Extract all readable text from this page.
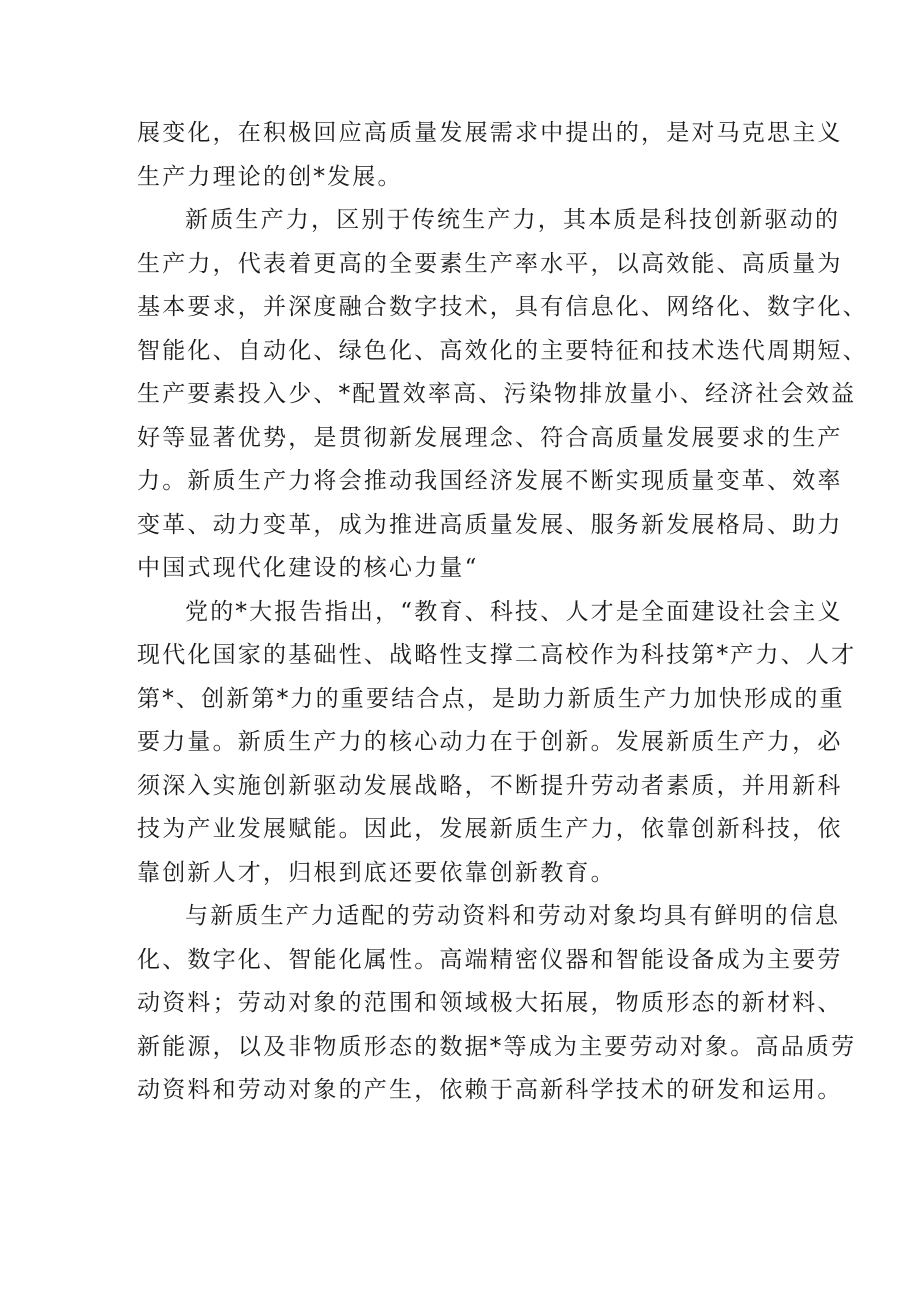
展变化，在积极回应高质量发展需求中提出的，是对马克思主义
生产力理论的创*发展。
新质生产力，区别于传统生产力，其本质是科技创新驱动的
生产力，代表着更高的全要素生产率水平，以高效能、高质量为
基本要求，并深度融合数字技术，具有信息化、网络化、数字化、
智能化、自动化、绿色化、高效化的主要特征和技术迭代周期短、
生产要素投入少、*配置效率高、污染物排放量小、经济社会效益
好等显著优势，是贯彻新发展理念、符合高质量发展要求的生产
力。新质生产力将会推动我国经济发展不断实现质量变革、效率
变革、动力变革，成为推进高质量发展、服务新发展格局、助力
中国式现代化建设的核心力量“
党的*大报告指出，“教育、科技、人才是全面建设社会主义
现代化国家的基础性、战略性支撑二高校作为科技第*产力、人才
第*、创新第*力的重要结合点，是助力新质生产力加快形成的重
要力量。新质生产力的核心动力在于创新。发展新质生产力，必
须深入实施创新驱动发展战略，不断提升劳动者素质，并用新科
技为产业发展赋能。因此，发展新质生产力，依靠创新科技，依
靠创新人才，归根到底还要依靠创新教育。
与新质生产力适配的劳动资料和劳动对象均具有鲜明的信息
化、数字化、智能化属性。高端精密仪器和智能设备成为主要劳
动资料；劳动对象的范围和领域极大拓展，物质形态的新材料、
新能源，以及非物质形态的数据*等成为主要劳动对象。高品质劳
动资料和劳动对象的产生，依赖于高新科学技术的研发和运用。
